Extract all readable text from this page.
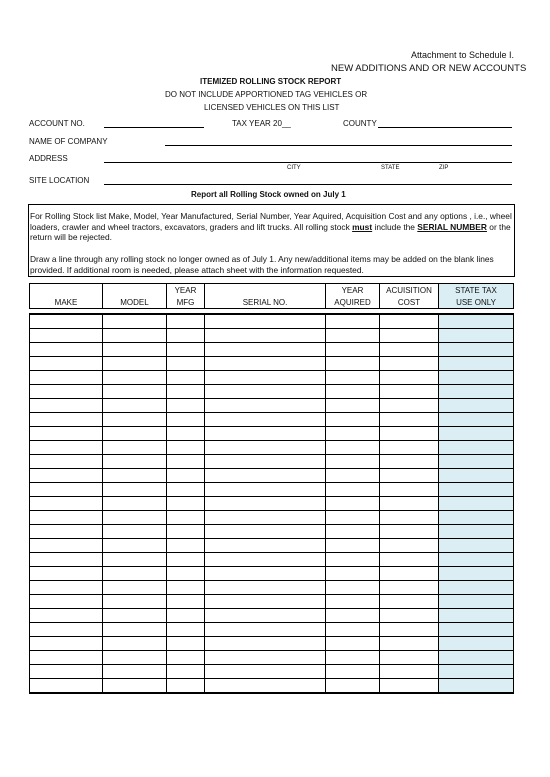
Attachment to Schedule I.
NEW ADDITIONS AND OR NEW ACCOUNTS
ITEMIZED ROLLING STOCK REPORT
DO NOT INCLUDE APPORTIONED TAG VEHICLES OR
LICENSED VEHICLES ON THIS LIST
ACCOUNT NO.	TAX YEAR 20__	COUNTY
NAME OF COMPANY
ADDRESS
CITY	STATE	ZIP
SITE LOCATION
Report all Rolling Stock owned on July 1
For Rolling Stock list Make, Model, Year Manufactured, Serial Number, Year Aquired, Acquisition Cost and any options , i.e., wheel loaders, crawler and wheel tractors, excavators, graders and lift trucks. All rolling stock must include the SERIAL NUMBER or the return will be rejected.
Draw a line through any rolling stock no longer owned as of July 1. Any new/additional items may be added on the blank lines provided. If additional room is needed, please attach sheet with the information requested.
		YEAR		YEAR	ACUISITION	STATE TAX
MAKE	MODEL	MFG	SERIAL NO.	AQUIRED	COST	USE ONLY
